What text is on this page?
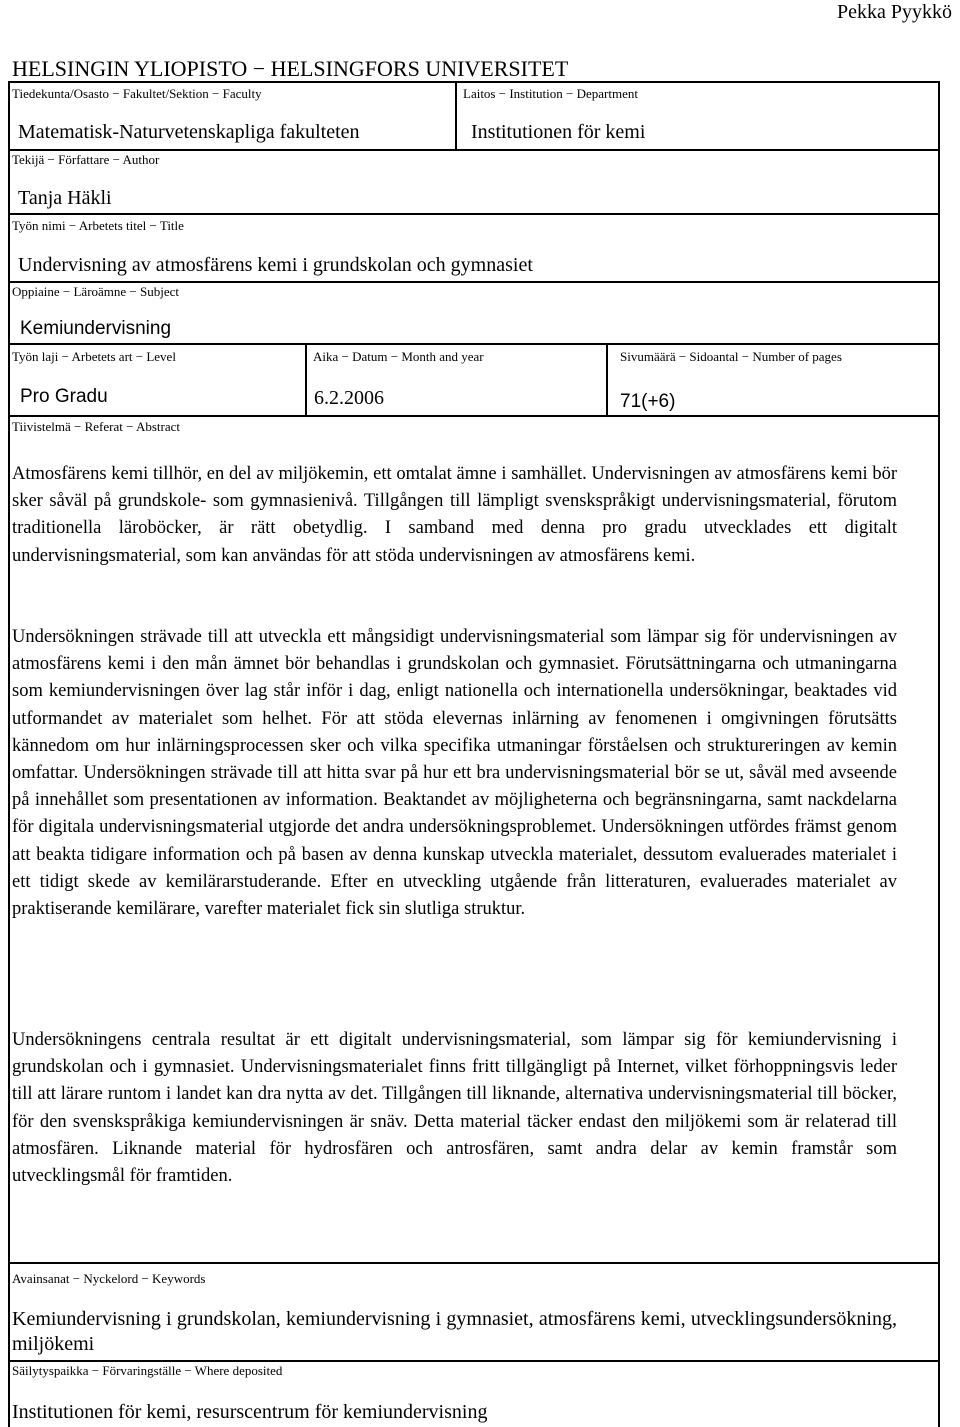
Pekka Pyykkö
HELSINGIN YLIOPISTO − HELSINGFORS UNIVERSITET
Tiedekunta/Osasto − Fakultet/Sektion − Faculty
Matematisk-Naturvetenskapliga fakulteten
Laitos − Institution − Department
Institutionen för kemi
Tekijä − Författare − Author
Tanja Häkli
Työn nimi − Arbetets titel − Title
Undervisning av atmosfärens kemi i grundskolan och gymnasiet
Oppiaine − Läroämne − Subject
Kemiundervisning
Työn laji − Arbetets art − Level
Pro Gradu
Aika − Datum − Month and year
6.2.2006
Sivumäärä − Sidoantal − Number of pages
71(+6)
Tiivistelmä − Referat − Abstract

Atmosfärens kemi tillhör, en del av miljökemin, ett omtalat ämne i samhället. Undervisningen av atmosfärens kemi bör sker såväl på grundskole- som gymnasienivå. Tillgången till lämpligt svenskspråkigt undervisningsmaterial, förutom traditionella läroböcker, är rätt obetydlig. I samband med denna pro gradu utvecklades ett digitalt undervisningsmaterial, som kan användas för att stöda undervisningen av atmosfärens kemi.

Undersökningen strävade till att utveckla ett mångsidigt undervisningsmaterial som lämpar sig för undervisningen av atmosfärens kemi i den mån ämnet bör behandlas i grundskolan och gymnasiet. Förutsättningarna och utmaningarna som kemiundervisningen över lag står inför i dag, enligt nationella och internationella undersökningar, beaktades vid utformandet av materialet som helhet. För att stöda elevernas inlärning av fenomenen i omgivningen förutsätts kännedom om hur inlärningsprocessen sker och vilka specifika utmaningar förståelsen och struktureringen av kemin omfattar. Undersökningen strävade till att hitta svar på hur ett bra undervisningsmaterial bör se ut, såväl med avseende på innehållet som presentationen av information. Beaktandet av möjligheterna och begränsningarna, samt nackdelarna för digitala undervisningsmaterial utgjorde det andra undersökningsproblemet. Undersökningen utfördes främst genom att beakta tidigare information och på basen av denna kunskap utveckla materialet, dessutom evaluerades materialet i ett tidigt skede av kemilärarstuderande. Efter en utveckling utgående från litteraturen, evaluerades materialet av praktiserande kemilärare, varefter materialet fick sin slutliga struktur.

Undersökningens centrala resultat är ett digitalt undervisningsmaterial, som lämpar sig för kemiundervisning i grundskolan och i gymnasiet. Undervisningsmaterialet finns fritt tillgängligt på Internet, vilket förhoppningsvis leder till att lärare runtom i landet kan dra nytta av det. Tillgången till liknande, alternativa undervisningsmaterial till böcker, för den svenskspråkiga kemiundervisningen är snäv. Detta material täcker endast den miljökemi som är relaterad till atmosfären. Liknande material för hydrosfären och antrosfären, samt andra delar av kemin framstår som utvecklingsmål för framtiden.

Avainsanat − Nyckelord − Keywords

Kemiundervisning i grundskolan, kemiundervisning i gymnasiet, atmosfärens kemi, utvecklingsundersökning, miljökemi

Säilytyspaikka − Förvaringställe − Where deposited
Institutionen för kemi, resurscentrum för kemiundervisning
